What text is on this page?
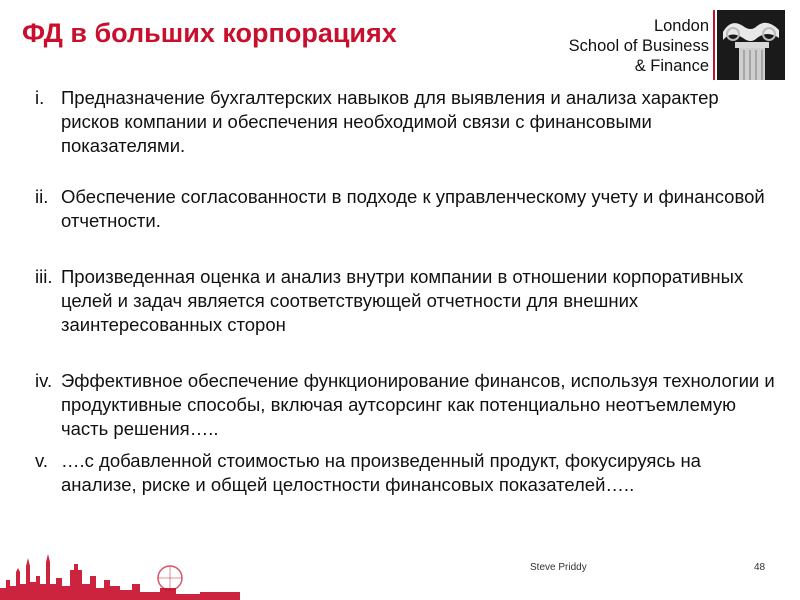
ФД в больших корпорациях	London
School of Business
& Finance
i. Предназначение бухгалтерских навыков для выявления и анализа характер рисков компании и обеспечения необходимой связи с финансовыми показателями.
ii. Обеспечение согласованности в подходе к управленческому учету и финансовой отчетности.
iii. Произведенная оценка и анализ внутри компании в отношении корпоративных целей и задач является соответствующей отчетности для внешних заинтересованных сторон
iv. Эффективное обеспечение функционирование финансов, используя технологии и продуктивные способы, включая аутсорсинг как потенциально неотъемлемую часть решения…..
v. ….с добавленной стоимостью на произведенный продукт, фокусируясь на анализе, риске и общей целостности финансовых показателей…..
Steve Priddy	48
